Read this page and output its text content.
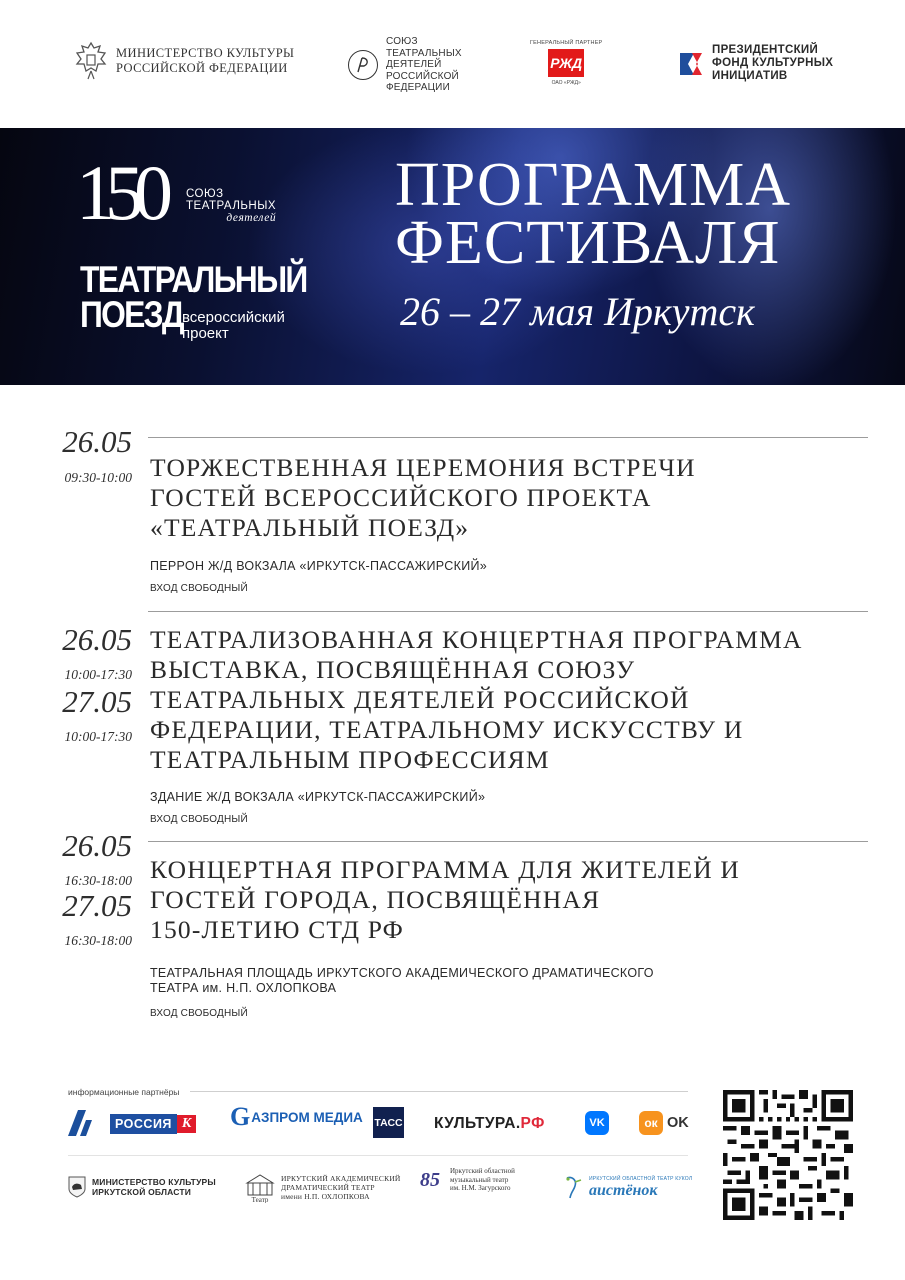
МИНИСТЕРСТВО КУЛЬТУРЫ
РОССИЙСКОЙ ФЕДЕРАЦИИ
СОЮЗ
ТЕАТРАЛЬНЫХ
ДЕЯТЕЛЕЙ
РОССИЙСКОЙ
ФЕДЕРАЦИИ
ГЕНЕРАЛЬНЫЙ ПАРТНЕР
РЖД
ОАО «РЖД»
ПРЕЗИДЕНТСКИЙ
ФОНД КУЛЬТУРНЫХ
ИНИЦИАТИВ
150 СОЮЗ
ТЕАТРАЛЬНЫХ
деятелей
ТЕАТРАЛЬНЫЙ
ПОЕЗД всероссийский
проект
ПРОГРАММА
ФЕСТИВАЛЯ
26 – 27 мая Иркутск
26.05
09:30-10:00 ТОРЖЕСТВЕННАЯ ЦЕРЕМОНИЯ ВСТРЕЧИ
ГОСТЕЙ ВСЕРОССИЙСКОГО ПРОЕКТА
«ТЕАТРАЛЬНЫЙ ПОЕЗД»
ПЕРРОН Ж/Д ВОКЗАЛА «ИРКУТСК-ПАССАЖИРСКИЙ»
ВХОД СВОБОДНЫЙ
26.05
10:00-17:30
27.05
10:00-17:30
ТЕАТРАЛИЗОВАННАЯ КОНЦЕРТНАЯ ПРОГРАММА
ВЫСТАВКА, ПОСВЯЩЁННАЯ СОЮЗУ
ТЕАТРАЛЬНЫХ ДЕЯТЕЛЕЙ РОССИЙСКОЙ
ФЕДЕРАЦИИ, ТЕАТРАЛЬНОМУ ИСКУССТВУ И
ТЕАТРАЛЬНЫМ ПРОФЕССИЯМ
ЗДАНИЕ Ж/Д ВОКЗАЛА «ИРКУТСК-ПАССАЖИРСКИЙ»
ВХОД СВОБОДНЫЙ
26.05
16:30-18:00
27.05
16:30-18:00
КОНЦЕРТНАЯ ПРОГРАММА ДЛЯ ЖИТЕЛЕЙ И
ГОСТЕЙ ГОРОДА, ПОСВЯЩЁННАЯ
150-ЛЕТИЮ СТД РФ
ТЕАТРАЛЬНАЯ ПЛОЩАДЬ ИРКУТСКОГО АКАДЕМИЧЕСКОГО ДРАМАТИЧЕСКОГО
ТЕАТРА им. Н.П. ОХЛОПКОВА
ВХОД СВОБОДНЫЙ
информационные партнёры
РОССИЯ К G АЗПРОМ МЕДИА ТАСС КУЛЬТУРА. РФ	VK	ок OK
МИНИСТЕРСТВО КУЛЬТУРЫ
ИРКУТСКОЙ ОБЛАСТИ
Театр
ИРКУТСКИЙ АКАДЕМИЧЕСКИЙ
ДРАМАТИЧЕСКИЙ ТЕАТР
имени Н.П. ОХЛОПКОВА
85 Иркутский областной
музыкальный театр
им. Н.М. Загурского
ИРКУТСКИЙ ОБЛАСТНОЙ ТЕАТР КУКОЛ
аистёнок
